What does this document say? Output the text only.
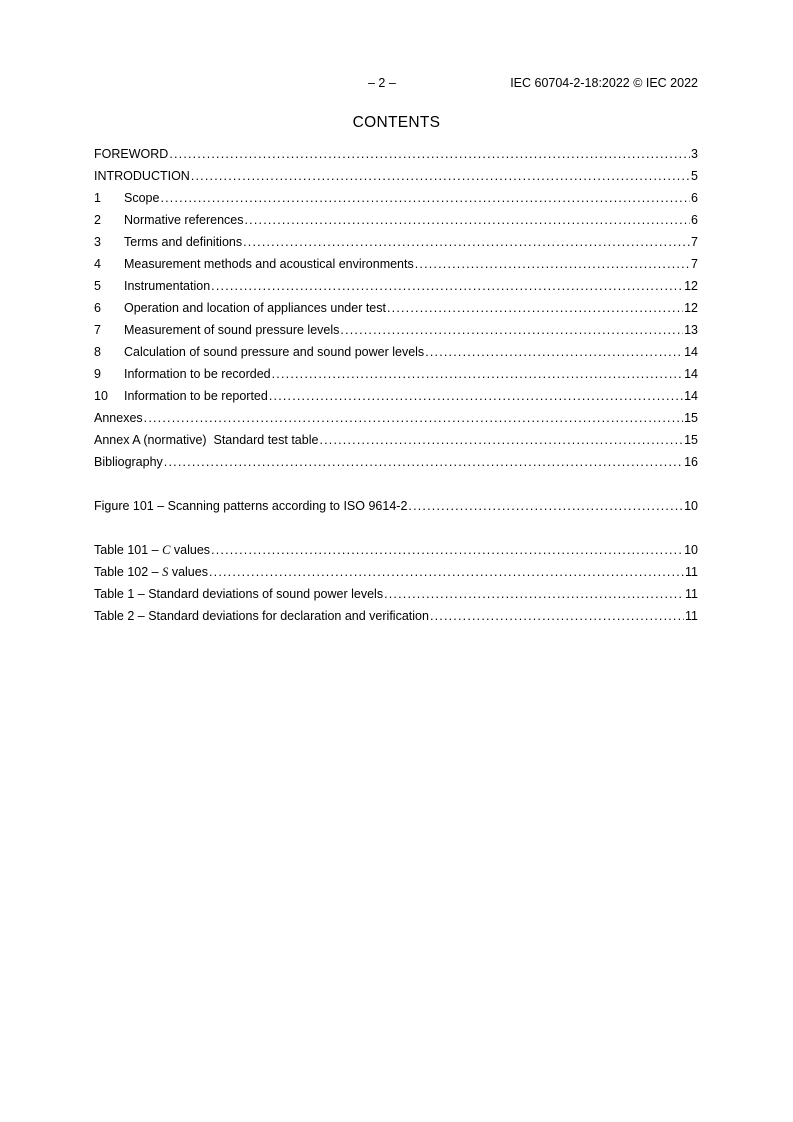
– 2 –	IEC 60704-2-18:2022 © IEC 2022
CONTENTS
FOREWORD .....	3
INTRODUCTION .....	5
1	Scope .....	6
2	Normative references .....	6
3	Terms and definitions .....	7
4	Measurement methods and acoustical environments .....	7
5	Instrumentation .....	12
6	Operation and location of appliances under test .....	12
7	Measurement of sound pressure levels .....	13
8	Calculation of sound pressure and sound power levels .....	14
9	Information to be recorded .....	14
10	Information to be reported .....	14
Annexes .....	15
Annex A (normative)  Standard test table .....	15
Bibliography .....	16
Figure 101 – Scanning patterns according to ISO 9614-2 .....	10
Table 101 – C values .....	10
Table 102 – S values .....	11
Table 1 – Standard deviations of sound power levels .....	11
Table 2 – Standard deviations for declaration and verification .....	11
